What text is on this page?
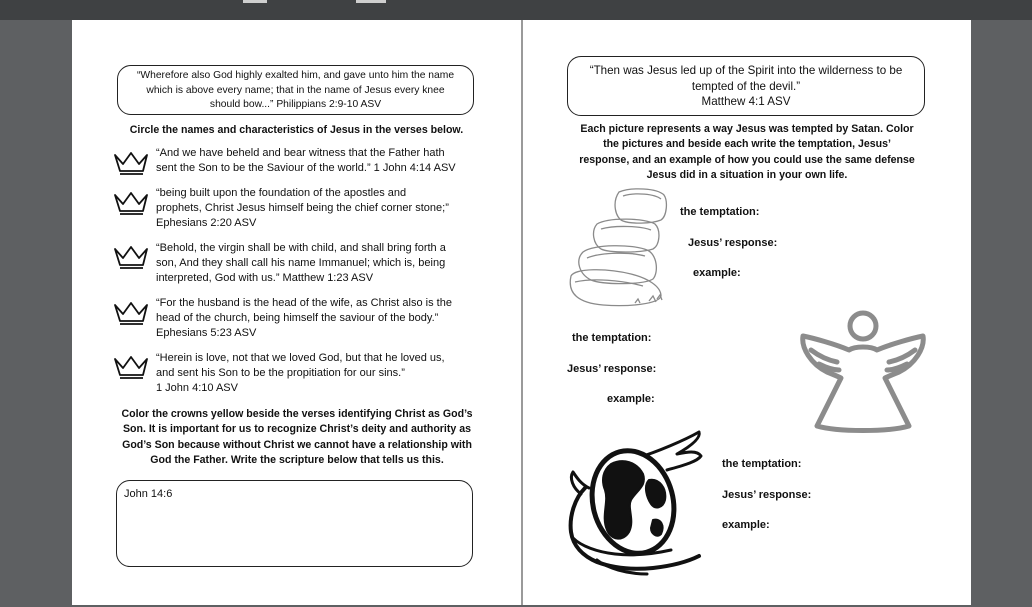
“Wherefore also God highly exalted him, and gave unto him the name
which is above every name; that in the name of Jesus every knee
should bow...” Philippians 2:9-10 ASV
Circle the names and characteristics of Jesus in the verses below.
“And we have beheld and bear witness that the Father hath
sent the Son to be the Saviour of the world.” 1 John 4:14 ASV
“being built upon the foundation of the apostles and
prophets, Christ Jesus himself being the chief corner stone;”
Ephesians 2:20 ASV
“Behold, the virgin shall be with child, and shall bring forth a
son, And they shall call his name Immanuel; which is, being
interpreted, God with us.” Matthew 1:23 ASV
“For the husband is the head of the wife, as Christ also is the
head of the church, being himself the saviour of the body.”
Ephesians 5:23 ASV
“Herein is love, not that we loved God, but that he loved us,
and sent his Son to be the propitiation for our sins.”
1 John 4:10 ASV
Color the crowns yellow beside the verses identifying Christ as God’s
Son. It is important for us to recognize Christ’s deity and authority as
God’s Son because without Christ we cannot have a relationship with
God the Father. Write the scripture below that tells us this.
John 14:6
“Then was Jesus led up of the Spirit into the wilderness to be
tempted of the devil.”
Matthew 4:1 ASV
Each picture represents a way Jesus was tempted by Satan. Color
the pictures and beside each write the temptation, Jesus’
response, and an example of how you could use the same defense
Jesus did in a situation in your own life.
the temptation:
Jesus’ response:
example:
the temptation:
Jesus’ response:
example:
the temptation:
Jesus’ response:
example:
